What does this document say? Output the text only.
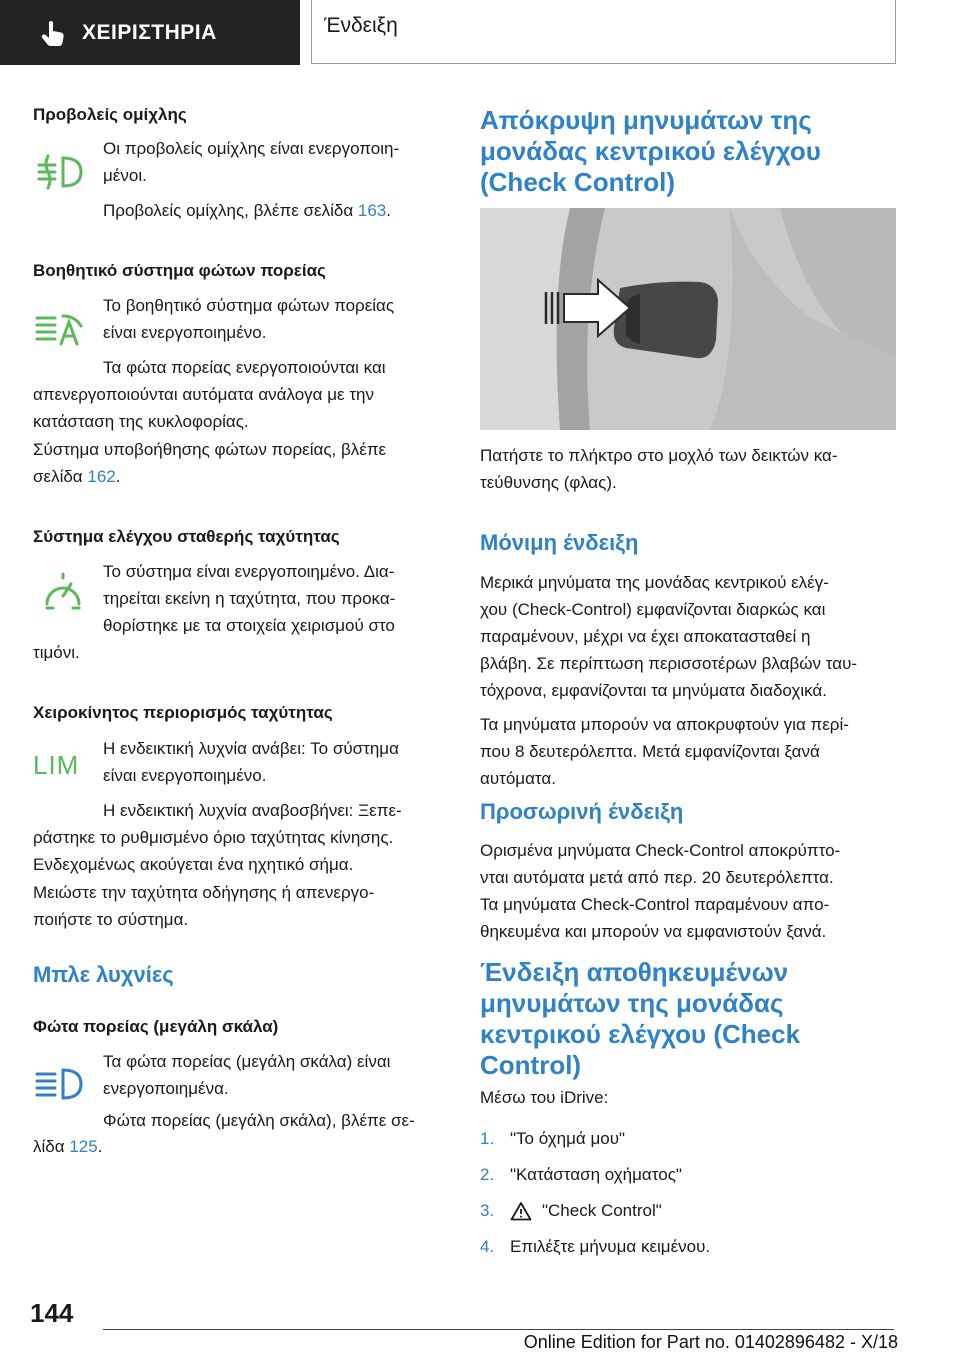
ΧΕΙΡΙΣΤΗΡΙΑ	Ένδειξη
Προβολείς ομίχλης
Οι προβολείς ομίχλης είναι ενεργοποιη-
μένοι.
Προβολείς ομίχλης, βλέπε σελίδα 163.
Βοηθητικό σύστημα φώτων πορείας
Το βοηθητικό σύστημα φώτων πορείας
είναι ενεργοποιημένο.
Τα φώτα πορείας ενεργοποιούνται και
απενεργοποιούνται αυτόματα ανάλογα με την
κατάσταση της κυκλοφορίας.
Σύστημα υποβοήθησης φώτων πορείας, βλέπε
σελίδα 162.
Σύστημα ελέγχου σταθερής ταχύτητας
Το σύστημα είναι ενεργοποιημένο. Δια-
τηρείται εκείνη η ταχύτητα, που προκα-
θορίστηκε με τα στοιχεία χειρισμού στο
τιμόνι.
Χειροκίνητος περιορισμός ταχύτητας
LIM
Η ενδεικτική λυχνία ανάβει: Το σύστημα
είναι ενεργοποιημένο.
Η ενδεικτική λυχνία αναβοσβήνει: Ξεπε-
ράστηκε το ρυθμισμένο όριο ταχύτητας κίνησης.
Ενδεχομένως ακούγεται ένα ηχητικό σήμα.
Μειώστε την ταχύτητα οδήγησης ή απενεργο-
ποιήστε το σύστημα.
Μπλε λυχνίες
Φώτα πορείας (μεγάλη σκάλα)
Τα φώτα πορείας (μεγάλη σκάλα) είναι
ενεργοποιημένα.
Φώτα πορείας (μεγάλη σκάλα), βλέπε σε-
λίδα 125.
Απόκρυψη μηνυμάτων της
μονάδας κεντρικού ελέγχου
(Check Control)
Πατήστε το πλήκτρο στο μοχλό των δεικτών κα-
τεύθυνσης (φλας).
Μόνιμη ένδειξη
Μερικά μηνύματα της μονάδας κεντρικού ελέγ-
χου (Check-Control) εμφανίζονται διαρκώς και
παραμένουν, μέχρι να έχει αποκατασταθεί η
βλάβη. Σε περίπτωση περισσοτέρων βλαβών ταυ-
τόχρονα, εμφανίζονται τα μηνύματα διαδοχικά.
Τα μηνύματα μπορούν να αποκρυφτούν για περί-
που 8 δευτερόλεπτα. Μετά εμφανίζονται ξανά
αυτόματα.
Προσωρινή ένδειξη
Ορισμένα μηνύματα Check-Control αποκρύπτο-
νται αυτόματα μετά από περ. 20 δευτερόλεπτα.
Τα μηνύματα Check-Control παραμένουν απο-
θηκευμένα και μπορούν να εμφανιστούν ξανά.
Ένδειξη αποθηκευμένων
μηνυμάτων της μονάδας
κεντρικού ελέγχου (Check
Control)
Μέσω του iDrive:
1. "Το όχημά μου"
2. "Κατάσταση οχήματος"
3.	"Check Control"
4. Επιλέξτε μήνυμα κειμένου.
144
Online Edition for Part no. 01402896482 - X/18
